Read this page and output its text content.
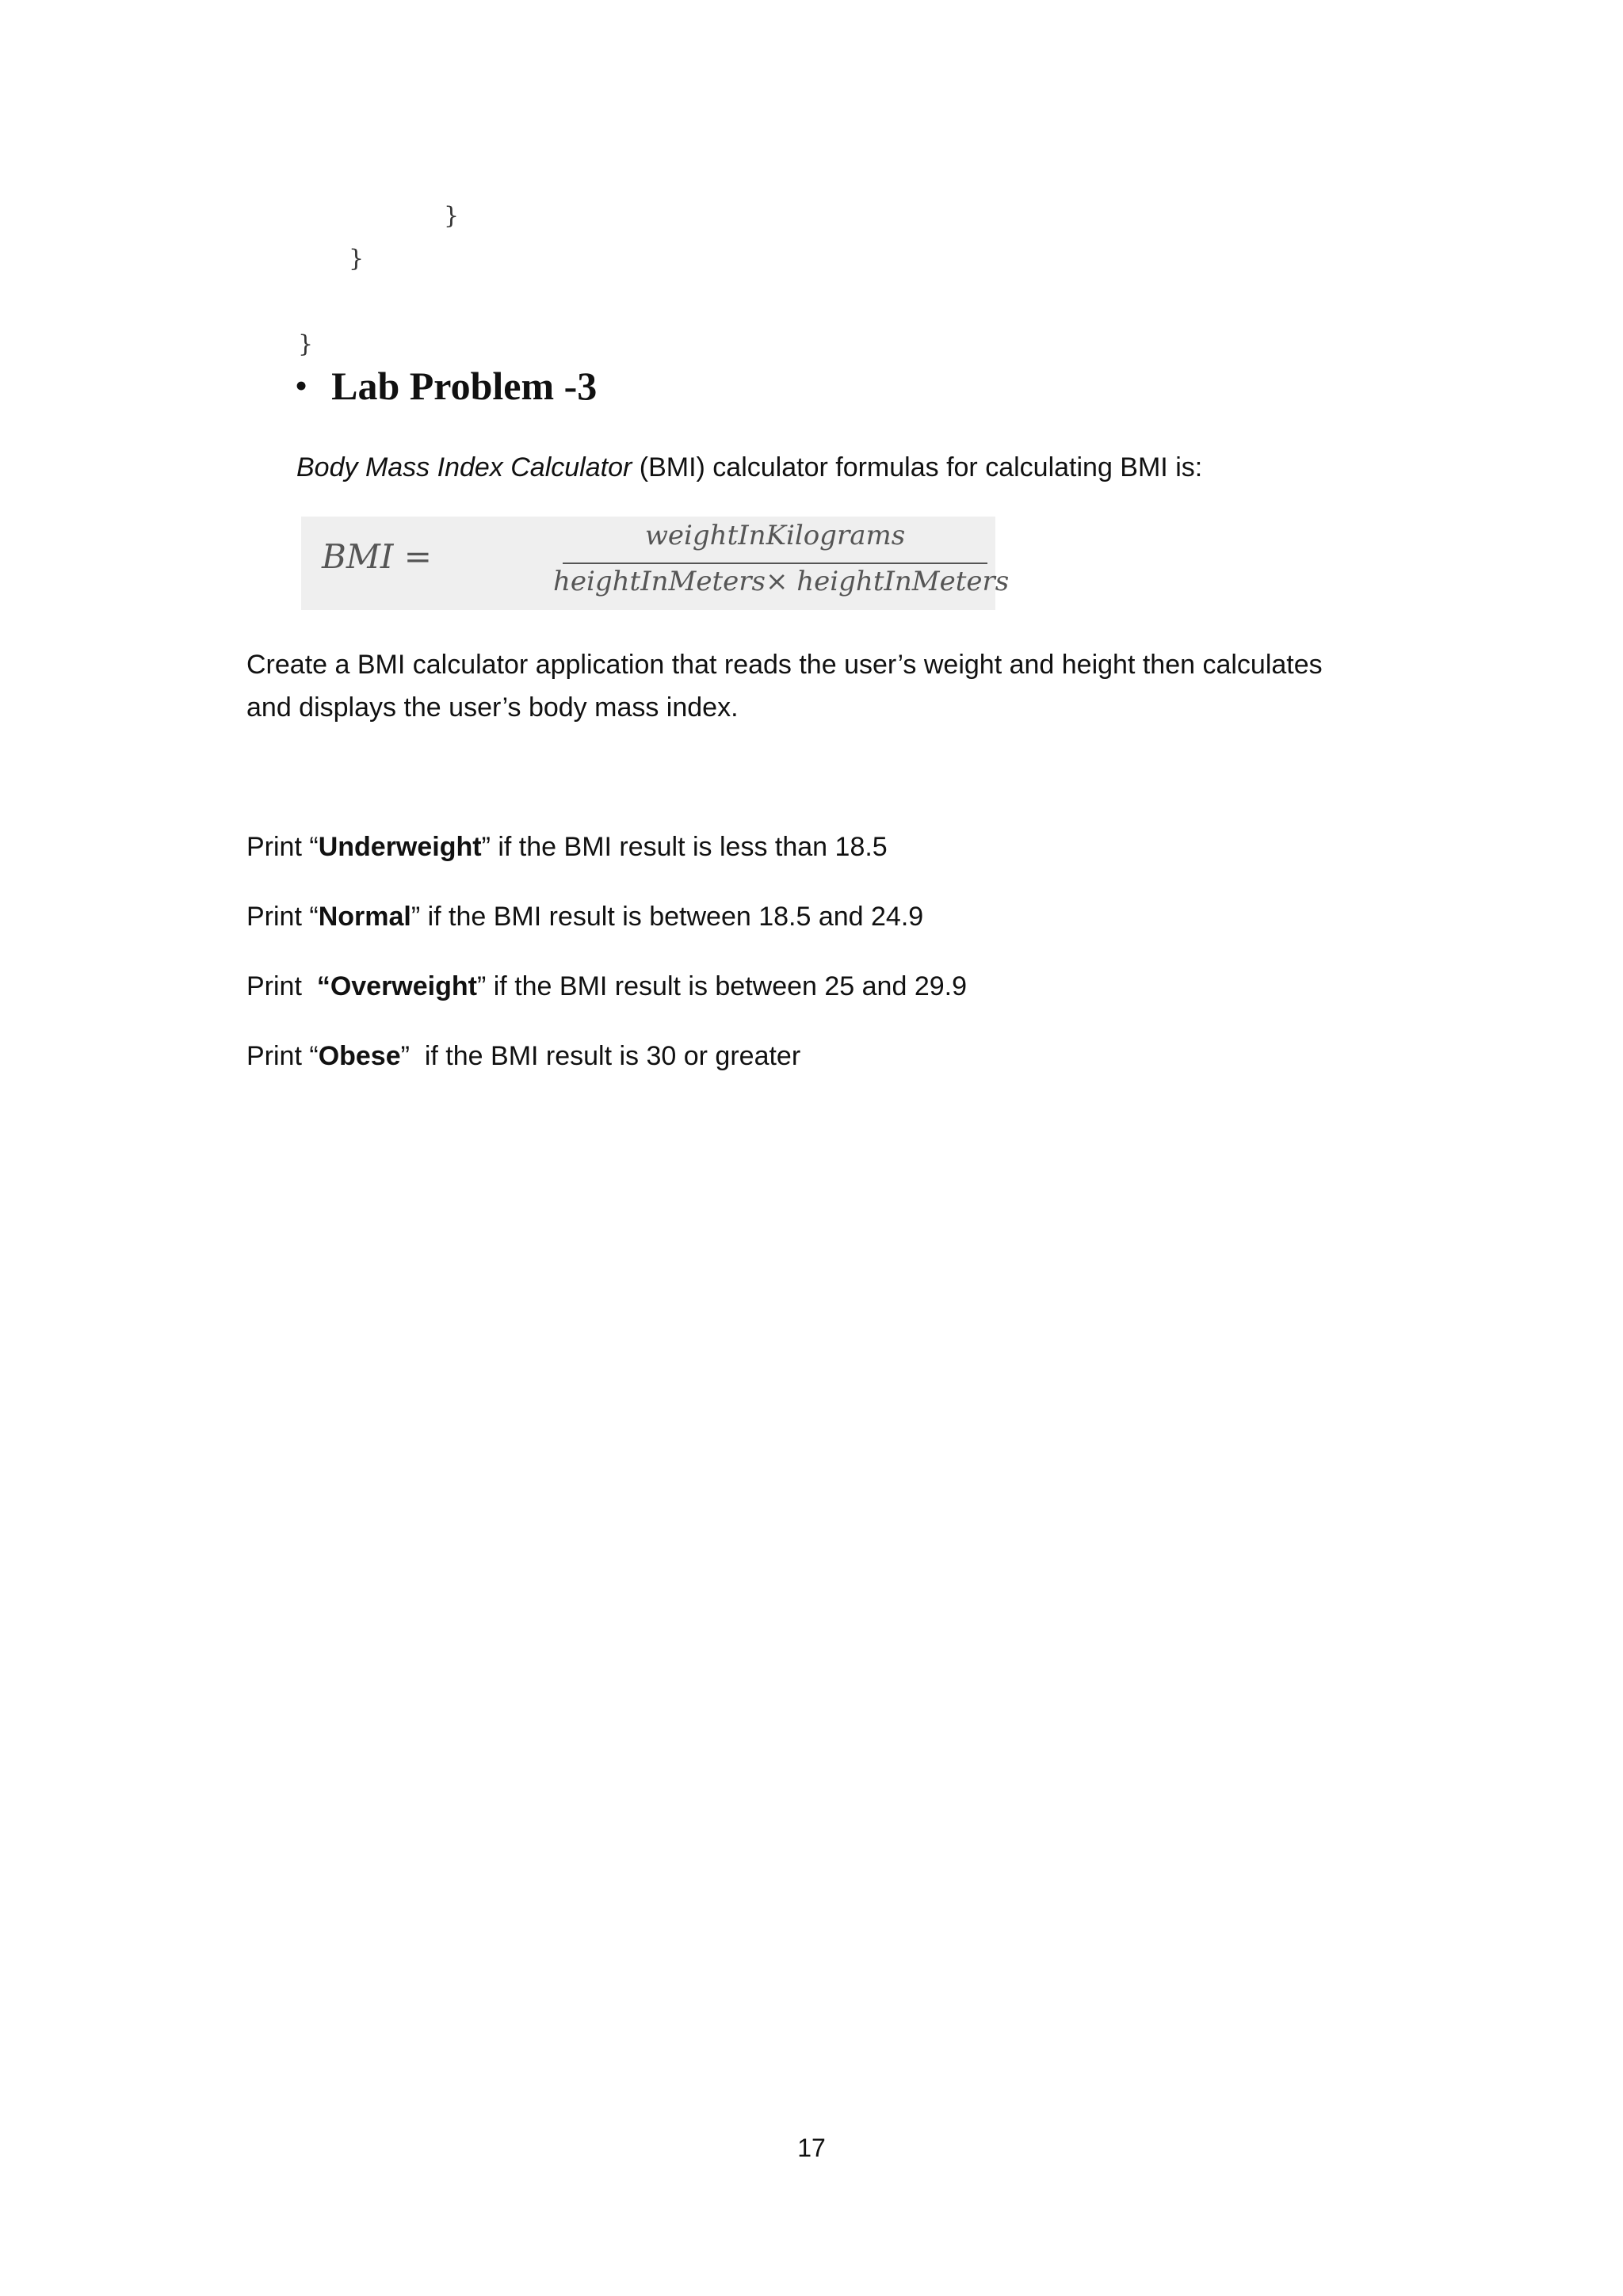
}
}
}
• Lab Problem -3
Body Mass Index Calculator (BMI) calculator formulas for calculating BMI is:
BMI =
weightInKilograms
heightInMeters× heightInMeters
Create a BMI calculator application that reads the user’s weight and height then calculates
and displays the user’s body mass index.
Print “Underweight” if the BMI result is less than 18.5
Print “Normal” if the BMI result is between 18.5 and 24.9
Print  “Overweight” if the BMI result is between 25 and 29.9
Print “Obese”  if the BMI result is 30 or greater
17
